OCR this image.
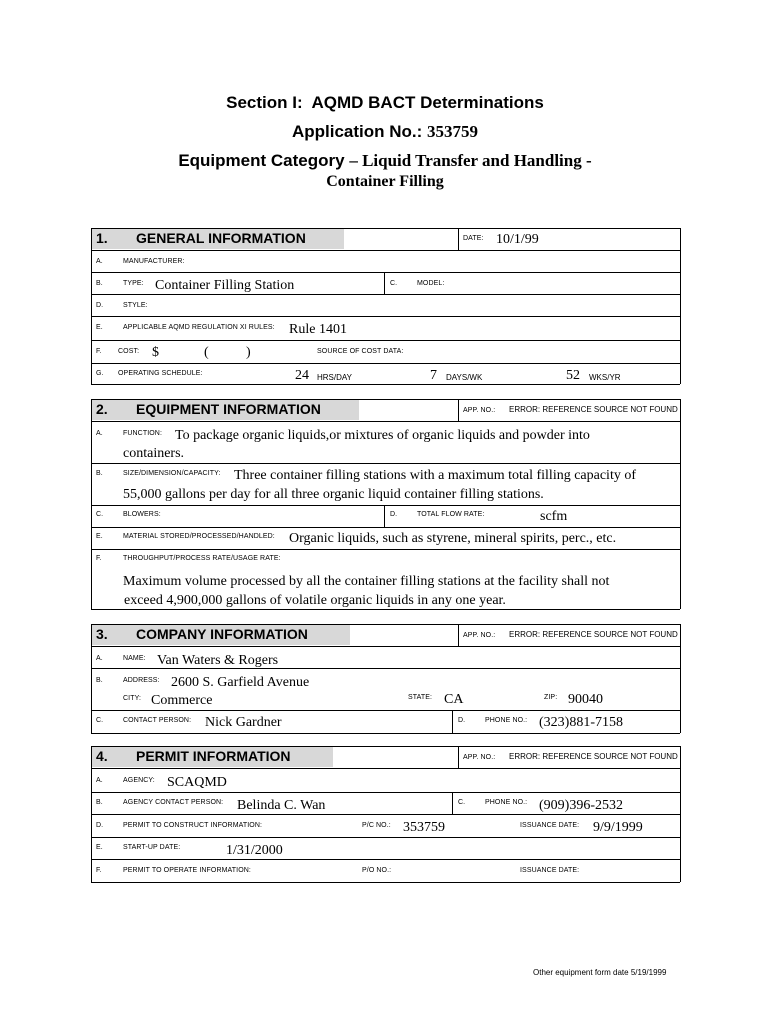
Section I: AQMD BACT Determinations
Application No.: 353759
Equipment Category – Liquid Transfer and Handling -
Container Filling
1. GENERAL INFORMATION	DATE: 10/1/99
A.	MANUFACTURER:
B.	TYPE: Container Filling Station	C.	MODEL:
D.	STYLE:
E.	APPLICABLE AQMD REGULATION XI RULES: Rule 1401
F. COST: $	(	)	SOURCE OF COST DATA:
G. OPERATING SCHEDULE:	24 HRS/DAY	7 DAYS/WK	52 WKS/YR
2. EQUIPMENT INFORMATION	APP. NO.: ERROR: REFERENCE SOURCE NOT FOUND
A.	FUNCTION: To package organic liquids,or mixtures of organic liquids and powder into
containers.
B.	SIZE/DIMENSION/CAPACITY: Three container filling stations with a maximum total filling capacity of
55,000 gallons per day for all three organic liquid container filling stations.
C.	BLOWERS:	D.	TOTAL FLOW RATE:	scfm
E.	MATERIAL STORED/PROCESSED/HANDLED: Organic liquids, such as styrene, mineral spirits, perc., etc.
F.	THROUGHPUT/PROCESS RATE/USAGE RATE:
Maximum volume processed by all the container filling stations at the facility shall not
exceed 4,900,000 gallons of volatile organic liquids in any one year.
3. COMPANY INFORMATION	APP. NO.: ERROR: REFERENCE SOURCE NOT FOUND
A.	NAME: Van Waters & Rogers
B.	ADDRESS: 2600 S. Garfield Avenue
CITY: Commerce	STATE: CA	ZIP: 90040
C.	CONTACT PERSON: Nick Gardner	D.	PHONE NO.: (323)881-7158
4. PERMIT INFORMATION	APP. NO.: ERROR: REFERENCE SOURCE NOT FOUND
A.	AGENCY: SCAQMD
B.	AGENCY CONTACT PERSON: Belinda C. Wan	C.	PHONE NO.: (909)396-2532
D.	PERMIT TO CONSTRUCT INFORMATION:	P/C NO.: 353759	ISSUANCE DATE: 9/9/1999
E.	START-UP DATE:	1/31/2000
F.	PERMIT TO OPERATE INFORMATION:	P/O NO.:	ISSUANCE DATE:
Other equipment form date 5/19/1999
